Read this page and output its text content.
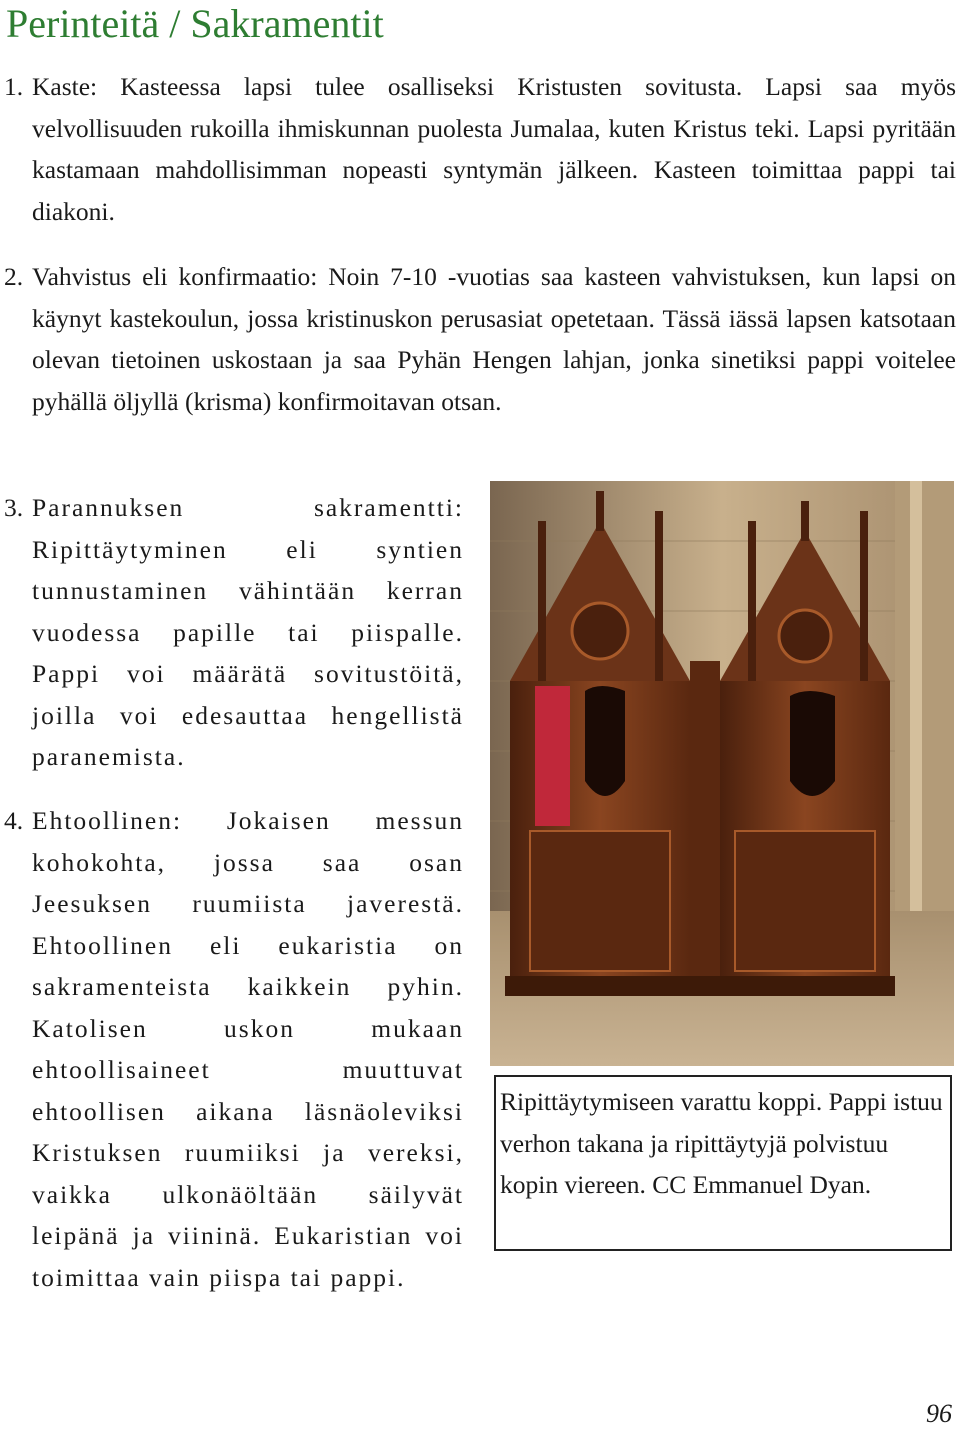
Perinteitä / Sakramentit
1. Kaste: Kasteessa lapsi tulee osalliseksi Kristusten sovitusta. Lapsi saa myös velvollisuuden rukoilla ihmiskunnan puolesta Jumalaa, kuten Kristus teki. Lapsi pyritään kastamaan mahdollisimman nopeasti syntymän jälkeen. Kasteen toimittaa pappi tai diakoni.
2. Vahvistus eli konfirmaatio: Noin 7-10 -vuotias saa kasteen vahvistuksen, kun lapsi on käynyt kastekoulun, jossa kristinuskon perusasiat opetetaan. Tässä iässä lapsen katsotaan olevan tietoinen uskostaan ja saa Pyhän Hengen lahjan, jonka sinetiksi pappi voitelee pyhällä öljyllä (krisma) konfirmoitavan otsan.
3. Parannuksen sakramentti: Ripittäytyminen eli syntien tunnustaminen vähintään kerran vuodessa papille tai piispalle. Pappi voi määrätä sovitustöitä, joilla voi edesauttaa hengellistä paranemista.
4. Ehtoollinen: Jokaisen messun kohokohta, jossa saa osan Jeesuksen ruumiista javerestä. Ehtoollinen eli eukaristia on sakramenteista kaikkein pyhin. Katolisen uskon mukaan ehtoollisaineet muuttuvat ehtoollisen aikana läsnäoleviksi Kristuksen ruumiiksi ja vereksi, vaikka ulkonäöltään säilyvät leipänä ja viininä. Eukaristian voi toimittaa vain piispa tai pappi.
Ripittäytymiseen varattu koppi. Pappi istuu verhon takana ja ripittäytyjä polvistuu kopin viereen. CC Emmanuel Dyan.
96
